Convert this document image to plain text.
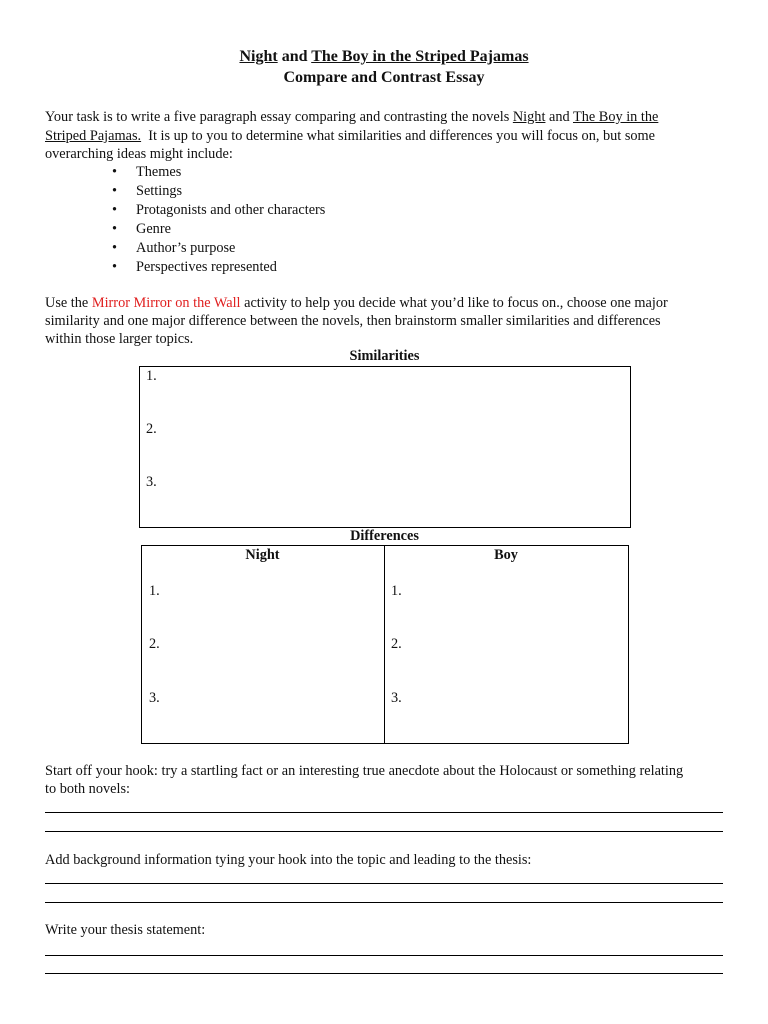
Night and The Boy in the Striped Pajamas
Compare and Contrast Essay
Your task is to write a five paragraph essay comparing and contrasting the novels Night and The Boy in the
Striped Pajamas.  It is up to you to determine what similarities and differences you will focus on, but some
overarching ideas might include:
• Themes
• Settings
• Protagonists and other characters
• Genre
• Author’s purpose
• Perspectives represented
Use the Mirror Mirror on the Wall activity to help you decide what you’d like to focus on., choose one major
similarity and one major difference between the novels, then brainstorm smaller similarities and differences
within those larger topics.
Similarities
1.
2.
3.
Differences
Night	Boy
1.
2.
3.
1.
2.
3.
Start off your hook: try a startling fact or an interesting true anecdote about the Holocaust or something relating
to both novels:
Add background information tying your hook into the topic and leading to the thesis:
Write your thesis statement:
